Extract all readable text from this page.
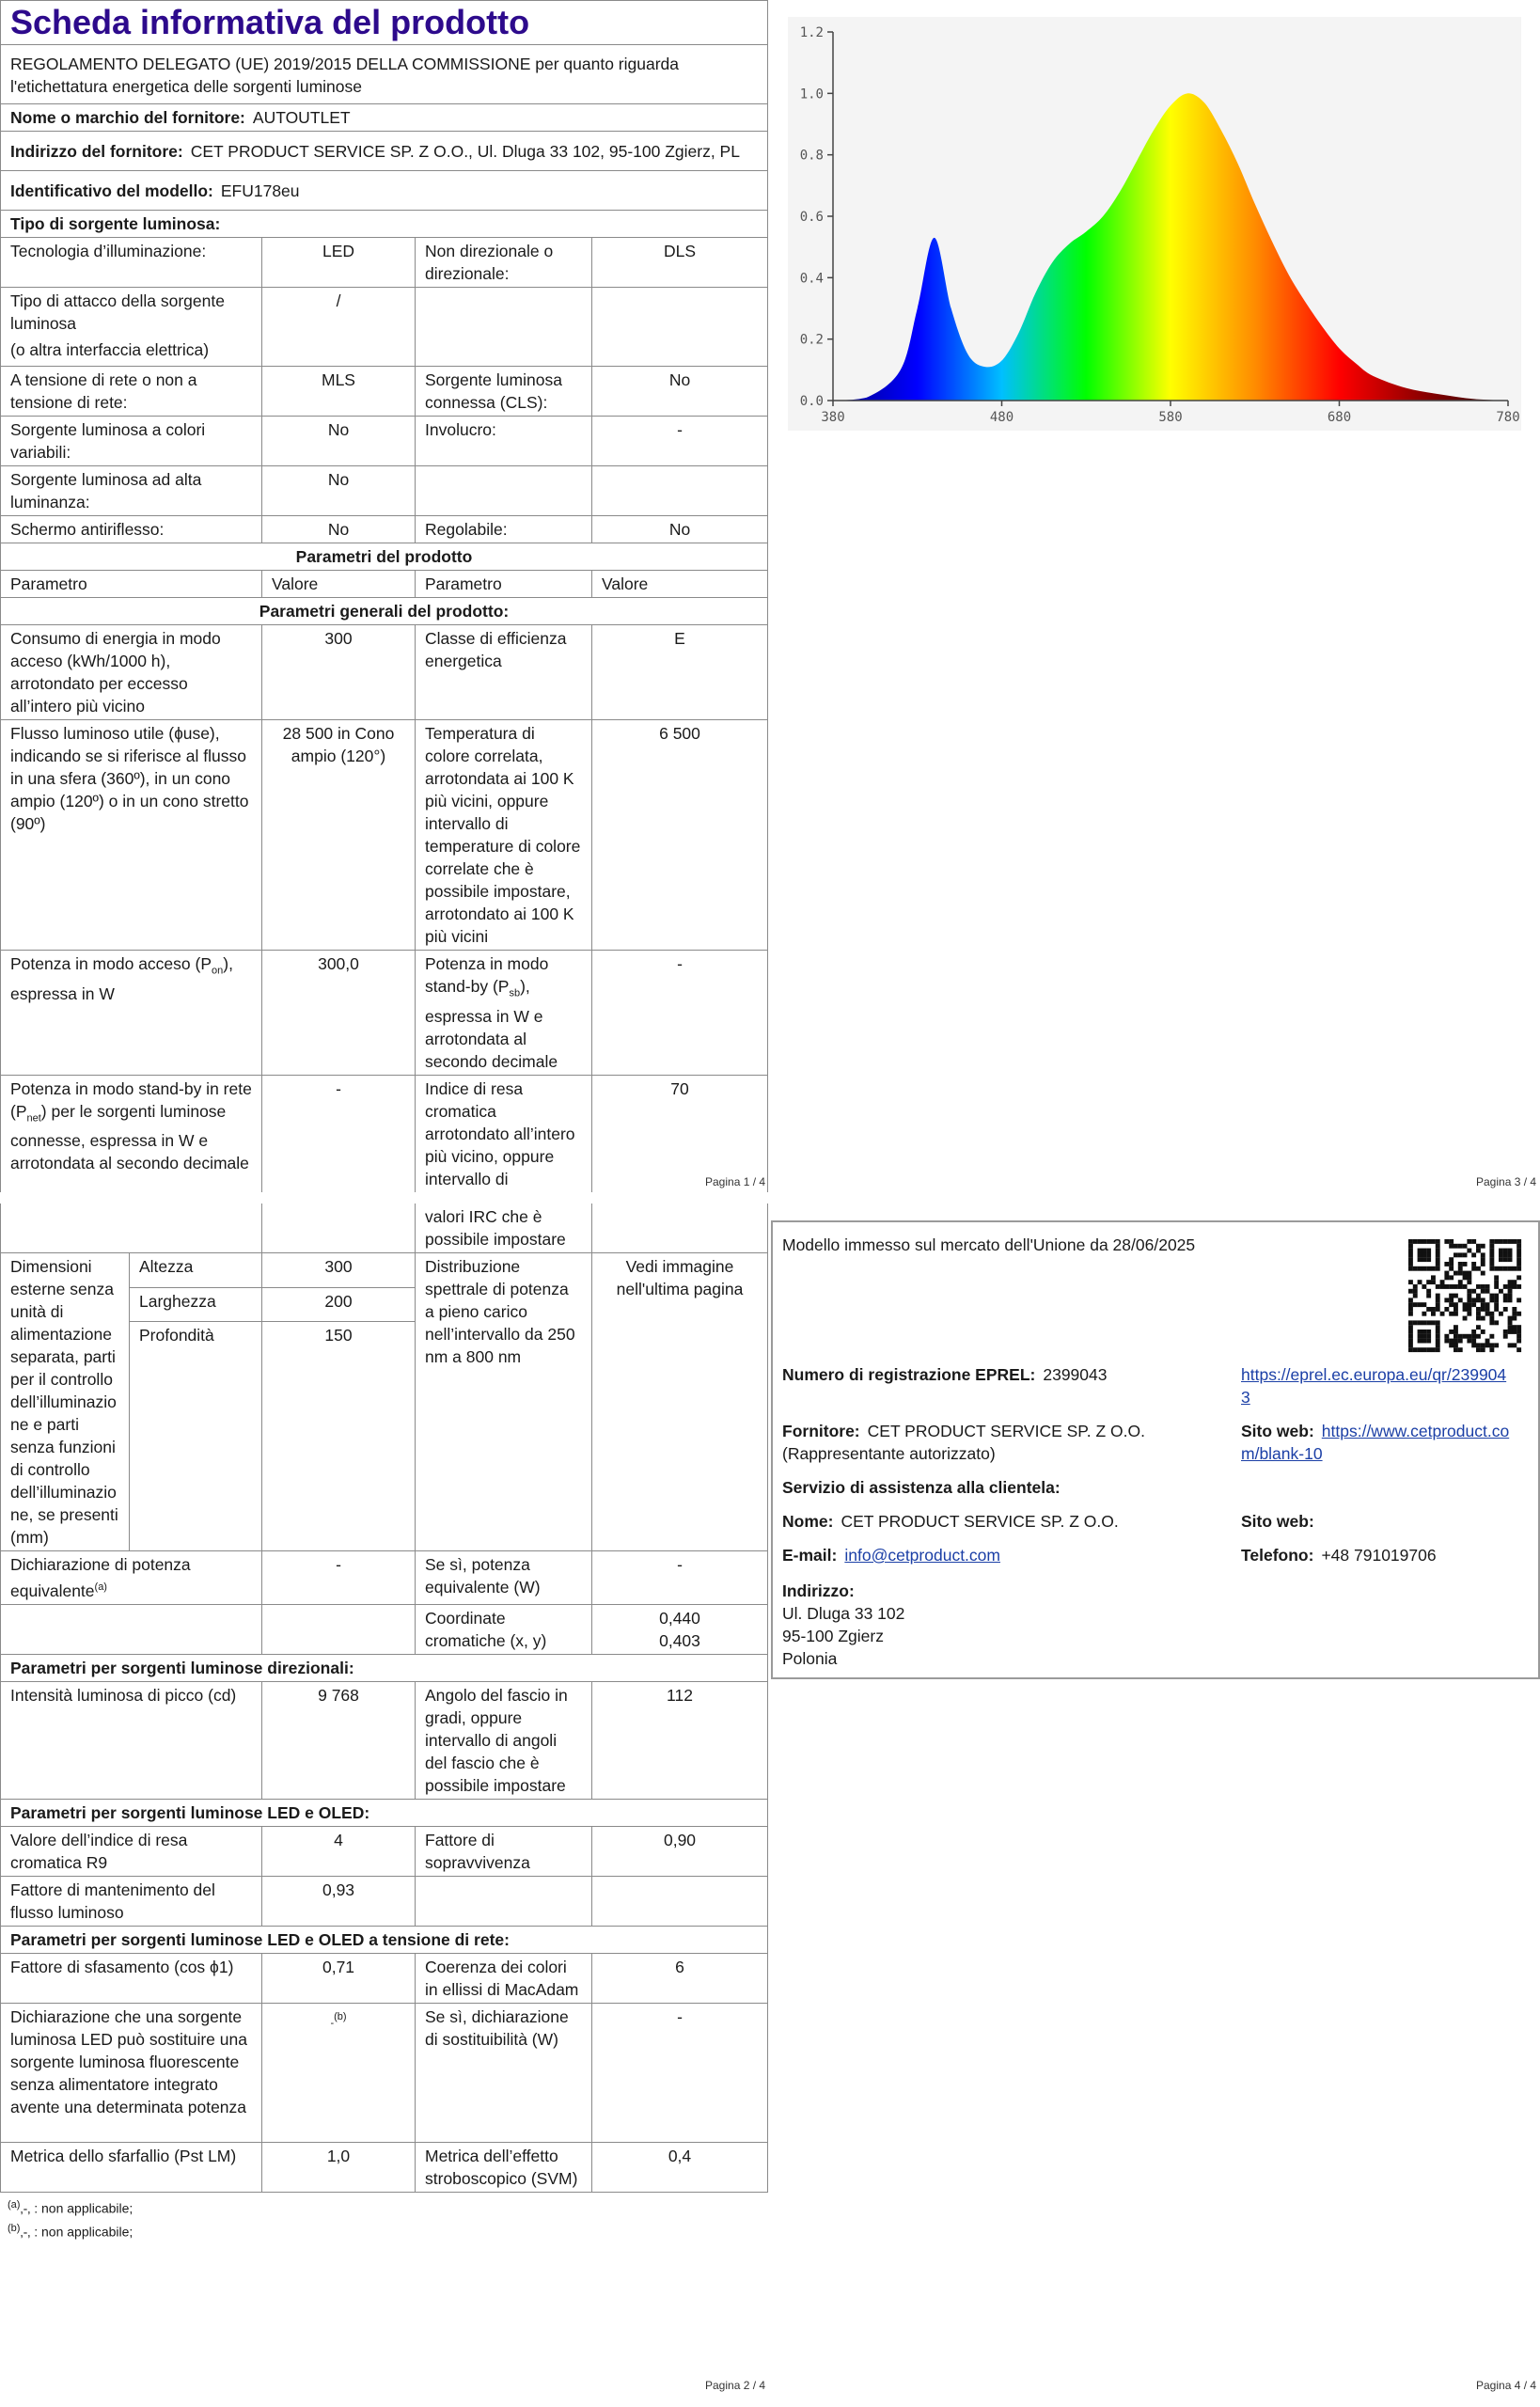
Scheda informativa del prodotto			

REGOLAMENTO DELEGATO (UE) 2019/2015 DELLA COMMISSIONE per quanto riguarda l'etichettatura energetica delle sorgenti luminose			
Nome o marchio del fornitore: AUTOUTLET			
Indirizzo del fornitore: CET PRODUCT SERVICE SP. Z O.O., Ul. Dluga 33 102, 95-100 Zgierz, PL			
Identificativo del modello: EFU178eu			
Tipo di sorgente luminosa:			
Tecnologia d’illuminazione:	LED	Non direzionale o direzionale:	DLS

Tipo di attacco della sorgente luminosa
(o altra interfaccia elettrica)	/		
A tensione di rete o non a tensione di rete:	MLS	Sorgente luminosa connessa (CLS):	No
Sorgente luminosa a colori variabili:	No	Involucro:	-
Sorgente luminosa ad alta luminanza:	No		
Schermo antiriflesso:	No	Regolabile:	No
Parametri del prodotto			
Parametro	Valore	Parametro	Valore
Parametri generali del prodotto:			
Consumo di energia in modo acceso (kWh/1000 h), arrotondato per eccesso all’intero più vicino	300	Classe di efficienza energetica	E
Flusso luminoso utile (ɸuse), indicando se si riferisce al flusso in una sfera (360º), in un cono ampio (120º) o in un cono stretto (90º)	28 500 in Cono ampio (120°)	Temperatura di colore correlata, arrotondata ai 100 K più vicini, oppure intervallo di temperature di colore correlate che è possibile impostare, arrotondato ai 100 K più vicini	6 500
Potenza in modo acceso $(P_{on})$, espressa in W	300,0	Potenza in modo stand-by $(P_{sb})$, espressa in W e arrotondata al secondo decimale	-
Potenza in modo stand-by in rete $(P_{net})$ per le sorgenti luminose connesse, espressa in W e arrotondata al secondo decimale	-	Indice di resa cromatica arrotondato all’intero più vicino, oppure intervallo di	70
Pagina 1 / 4
0.0
0.2
0.4
0.6
0.8
1.0
1.2
380	480	580	680	780
Pagina 3 / 4
			valori IRC che è possibile impostare	
Dimensioni esterne senza unità di alimentazione separata, parti per il controllo dell’illuminazione e parti senza funzioni di controllo dell’illuminazione, se presenti (mm)	Altezza	300	Distribuzione spettrale di potenza a pieno carico nell’intervallo da 250 nm a 800 nm	Vedi immagine nell'ultima pagina
	Larghezza	200		
	Profondità	150		
Dichiarazione di potenza equivalente$^{(a)}$		-	Se sì, potenza equivalente (W)	-
			Coordinate cromatiche (x, y)	0,440
0,403

Parametri per sorgenti luminose direzionali:				
Intensità luminosa di picco (cd)		9 768	Angolo del fascio in gradi, oppure intervallo di angoli del fascio che è possibile impostare	112
Parametri per sorgenti luminose LED e OLED:				
Valore dell’indice di resa cromatica R9		4	Fattore di sopravvivenza	0,90
Fattore di mantenimento del flusso luminoso		0,93		
Parametri per sorgenti luminose LED e OLED a tensione di rete:				
Fattore di sfasamento (cos ϕ1)		0,71	Coerenza dei colori in ellissi di MacAdam	6
Dichiarazione che una sorgente luminosa LED può sostituire una sorgente luminosa fluorescente senza alimentatore integrato avente una determinata potenza		-$^{(b)}$	Se sì, dichiarazione di sostituibilità (W)	-
Metrica dello sfarfallio (Pst LM)		1,0	Metrica dell’effetto stroboscopico (SVM)	0,4
$^{(a)}$‚-‚ : non applicabile;
$^{(b)}$‚-‚ : non applicabile;
Pagina 2 / 4
Modello immesso sul mercato dell'Unione da 28/06/2025
Numero di registrazione EPREL: 2399043	https://eprel.ec.europa.eu/qr/2399043
Fornitore: CET PRODUCT SERVICE SP. Z O.O. (Rappresentante autorizzato)
Sito web: https://www.cetproduct.com/blank-10
Servizio di assistenza alla clientela:
Nome: CET PRODUCT SERVICE SP. Z O.O.	Sito web:
E-mail: info@cetproduct.com	Telefono: +48 791019706
Indirizzo:
Ul. Dluga 33 102
95-100 Zgierz
Polonia
Pagina 4 / 4
